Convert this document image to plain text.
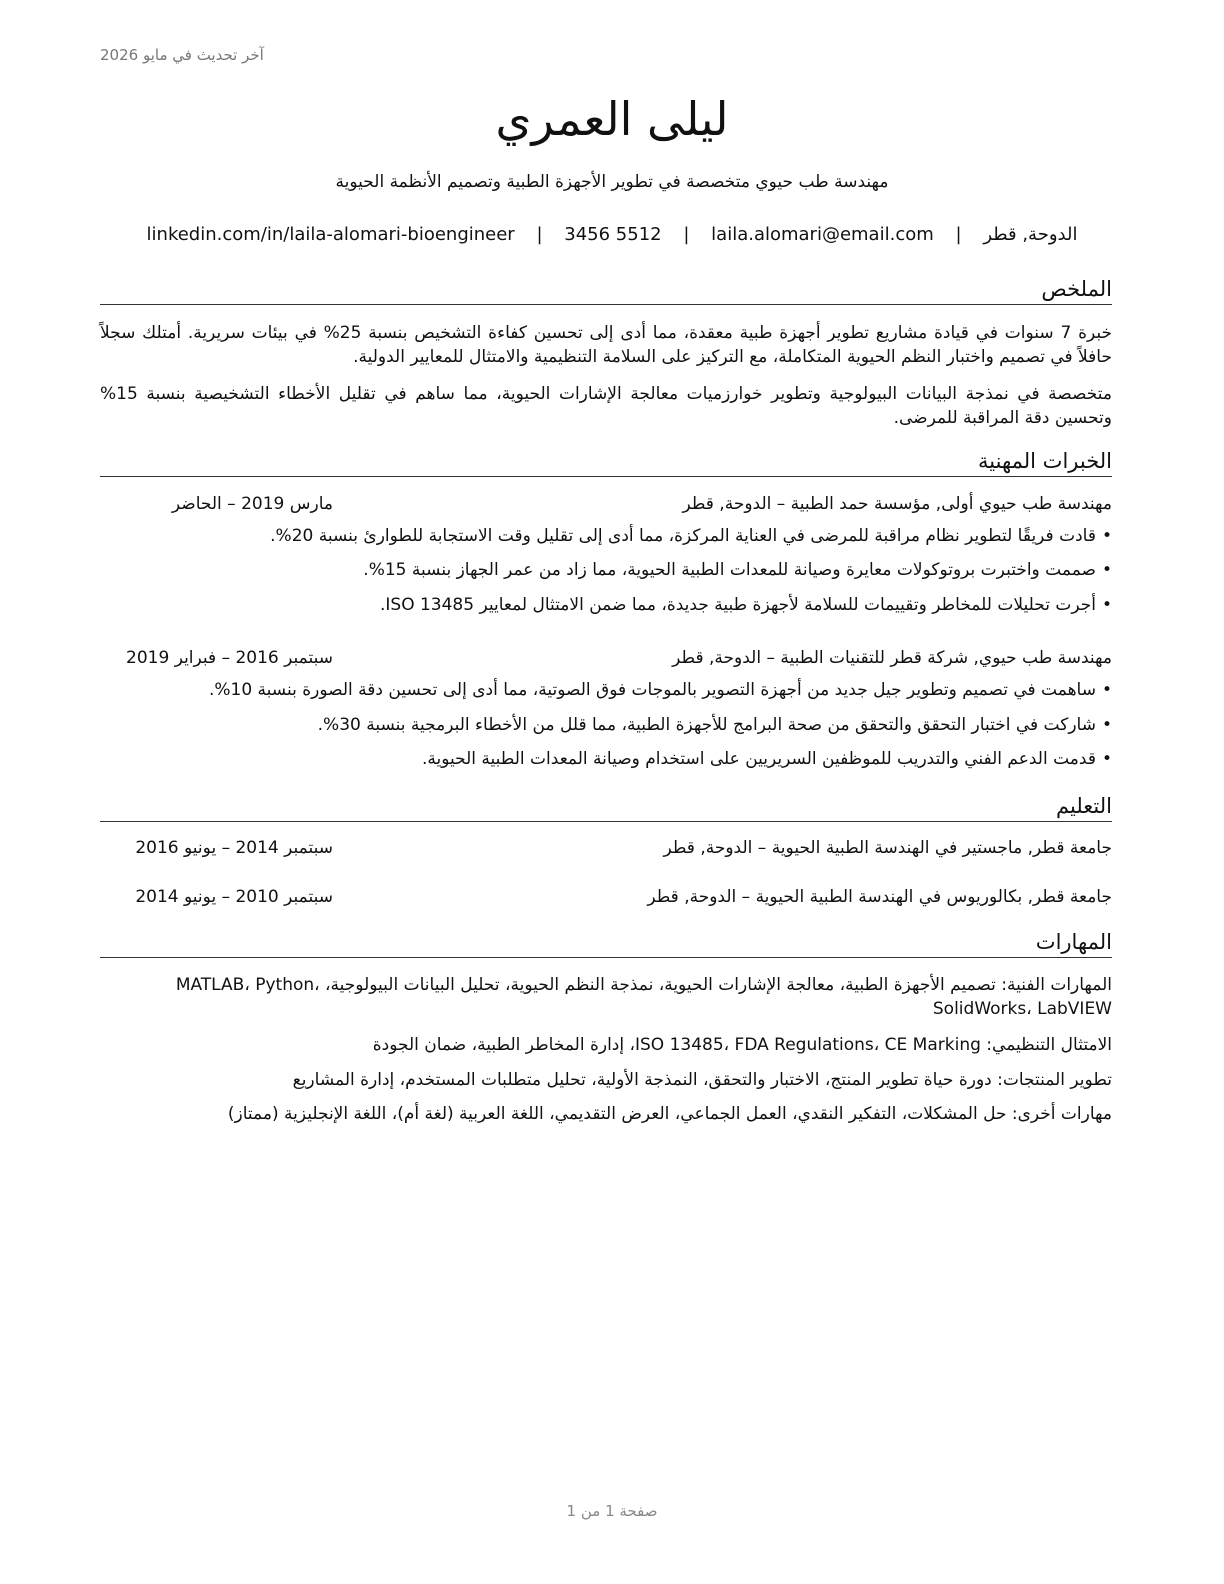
آخر تحديث في مايو 2026
ليلى العمري
مهندسة طب حيوي متخصصة في تطوير الأجهزة الطبية وتصميم الأنظمة الحيوية
الدوحة, قطر | laila.alomari@email.com | 3456 5512 | linkedin.com/in/laila-alomari-bioengineer
الملخص
خبرة 7 سنوات في قيادة مشاريع تطوير أجهزة طبية معقدة، مما أدى إلى تحسين كفاءة التشخيص بنسبة 25% في بيئات سريرية. أمتلك سجلاً حافلاً في تصميم واختبار النظم الحيوية المتكاملة، مع التركيز على السلامة التنظيمية والامتثال للمعايير الدولية.
متخصصة في نمذجة البيانات البيولوجية وتطوير خوارزميات معالجة الإشارات الحيوية، مما ساهم في تقليل الأخطاء التشخيصية بنسبة 15% وتحسين دقة المراقبة للمرضى.
الخبرات المهنية
مهندسة طب حيوي أولى, مؤسسة حمد الطبية – الدوحة, قطر
مارس 2019 – الحاضر
•قادت فريقًا لتطوير نظام مراقبة للمرضى في العناية المركزة، مما أدى إلى تقليل وقت الاستجابة للطوارئ بنسبة 20%.
•صممت واختبرت بروتوكولات معايرة وصيانة للمعدات الطبية الحيوية، مما زاد من عمر الجهاز بنسبة 15%.
•أجرت تحليلات للمخاطر وتقييمات للسلامة لأجهزة طبية جديدة، مما ضمن الامتثال لمعايير ISO 13485.
مهندسة طب حيوي, شركة قطر للتقنيات الطبية – الدوحة, قطر
سبتمبر 2016 – فبراير 2019
•ساهمت في تصميم وتطوير جيل جديد من أجهزة التصوير بالموجات فوق الصوتية، مما أدى إلى تحسين دقة الصورة بنسبة 10%.
•شاركت في اختبار التحقق والتحقق من صحة البرامج للأجهزة الطبية، مما قلل من الأخطاء البرمجية بنسبة 30%.
•قدمت الدعم الفني والتدريب للموظفين السريريين على استخدام وصيانة المعدات الطبية الحيوية.
التعليم
جامعة قطر, ماجستير في الهندسة الطبية الحيوية – الدوحة, قطر
سبتمبر 2014 – يونيو 2016
جامعة قطر, بكالوريوس في الهندسة الطبية الحيوية – الدوحة, قطر
سبتمبر 2010 – يونيو 2014
المهارات
المهارات الفنية: تصميم الأجهزة الطبية، معالجة الإشارات الحيوية، نمذجة النظم الحيوية، تحليل البيانات البيولوجية، MATLAB، Python، SolidWorks، LabVIEW
الامتثال التنظيمي: ISO 13485، FDA Regulations، CE Marking، إدارة المخاطر الطبية، ضمان الجودة
تطوير المنتجات: دورة حياة تطوير المنتج، الاختبار والتحقق، النمذجة الأولية، تحليل متطلبات المستخدم، إدارة المشاريع
مهارات أخرى: حل المشكلات، التفكير النقدي، العمل الجماعي، العرض التقديمي، اللغة العربية (لغة أم)، اللغة الإنجليزية (ممتاز)
صفحة 1 من 1
